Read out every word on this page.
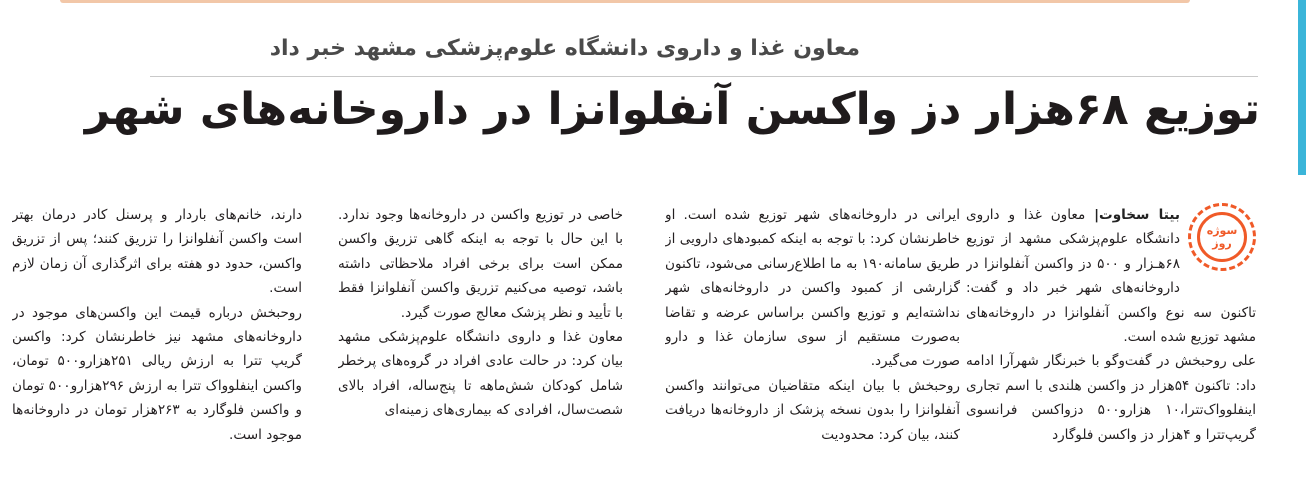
معاون غذا و داروی دانشگاه علوم‌پزشکی مشهد خبر داد
توزیع ۶۸هزار دز واکسن آنفلوانزا در داروخانه‌های شهر
سوژه
روز

بیتا سخاوت| معاون غذا و داروی دانشگاه علوم‌پزشکی مشهد از توزیع ۶۸هـزار و ۵۰۰ دز واکسن آنفلوانزا در داروخانه‌های شهر خبر داد و گفت: تاکنون سه نوع واکسن آنفلوانزا در داروخانه‌های مشهد توزیع شده است.

علی روحبخش در گفت‌وگو با خبرنگار شهرآرا ادامه داد: تاکنون ۵۴هزار دز واکسن هلندی با اسم تجاری اینفلوواک‌تترا،۱۰ هزارو۵۰۰ دزواکسن فرانسوی گریپ‌تترا و ۴هزار دز واکسن فلوگارد

ایرانی در داروخانه‌های شهر توزیع شده است. او خاطرنشان کرد: با توجه به اینکه کمبودهای دارویی از طریق سامانه۱۹۰ به ما اطلاع‌رسانی می‌شود، تاکنون گزارشی از کمبود واکسن در داروخانه‌های شهر نداشته‌ایم و توزیع واکسن براساس عرضه و تقاضا به‌صورت مستقیم از سوی سازمان غذا و دارو صورت می‌گیرد.

روحبخش با بیان اینکه متقاضیان می‌توانند واکسن آنفلوانزا را بدون نسخه پزشک از داروخانه‌ها دریافت کنند، بیان کرد: محدودیت

خاصی در توزیع واکسن در داروخانه‌ها وجود ندارد. با این حال با توجه به اینکه گاهی تزریق واکسن ممکن است برای برخی افراد ملاحظاتی داشته باشد، توصیه می‌کنیم تزریق واکسن آنفلوانزا فقط با تأیید و نظر پزشک معالج صورت گیرد.

معاون غذا و داروی دانشگاه علوم‌پزشکی مشهد بیان کرد: در حالت عادی افراد در گروه‌های پرخطر شامل کودکان شش‌ماهه تا پنج‌ساله، افراد بالای شصت‌سال، افرادی که بیماری‌های زمینه‌ای

دارند، خانم‌های باردار و پرسنل کادر درمان بهتر است واکسن آنفلوانزا را تزریق کنند؛ پس از تزریق واکسن، حدود دو هفته برای اثرگذاری آن زمان لازم است.

روحبخش درباره قیمت این واکسن‌های موجود در داروخانه‌های مشهد نیز خاطرنشان کرد: واکسن گریپ تترا به ارزش ریالی ۲۵۱هزارو۵۰۰ تومان، واکسن اینفلوواک تترا به ارزش ۲۹۶هزارو۵۰۰ تومان و واکسن فلوگارد به ۲۶۳هزار تومان در داروخانه‌ها موجود است.
